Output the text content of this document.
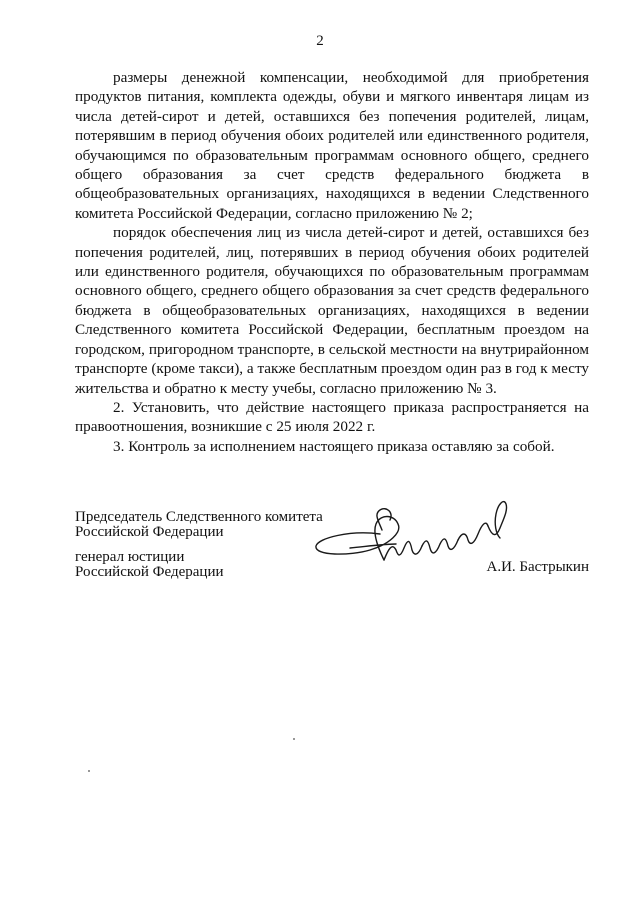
2

размеры денежной компенсации, необходимой для приобретения продуктов питания, комплекта одежды, обуви и мягкого инвентаря лицам из числа детей-сирот и детей, оставшихся без попечения родителей, лицам, потерявшим в период обучения обоих родителей или единственного родителя, обучающимся по образовательным программам основного общего, среднего общего образования за счет средств федерального бюджета в общеобразовательных организациях, находящихся в ведении Следственного комитета Российской Федерации, согласно приложению № 2;

порядок обеспечения лиц из числа детей-сирот и детей, оставшихся без попечения родителей, лиц, потерявших в период обучения обоих родителей или единственного родителя, обучающихся по образовательным программам основного общего, среднего общего образования за счет средств федерального бюджета в общеобразовательных организациях, находящихся в ведении Следственного комитета Российской Федерации, бесплатным проездом на городском, пригородном транспорте, в сельской местности на внутрирайонном транспорте (кроме такси), а также бесплатным проездом один раз в год к месту жительства и обратно к месту учебы, согласно приложению № 3.

2. Установить, что действие настоящего приказа распространяется на правоотношения, возникшие с 25 июля 2022 г.

3. Контроль за исполнением настоящего приказа оставляю за собой.

Председатель Следственного комитета
Российской Федерации
генерал юстиции
Российской Федерации	А.И. Бастрыкин
